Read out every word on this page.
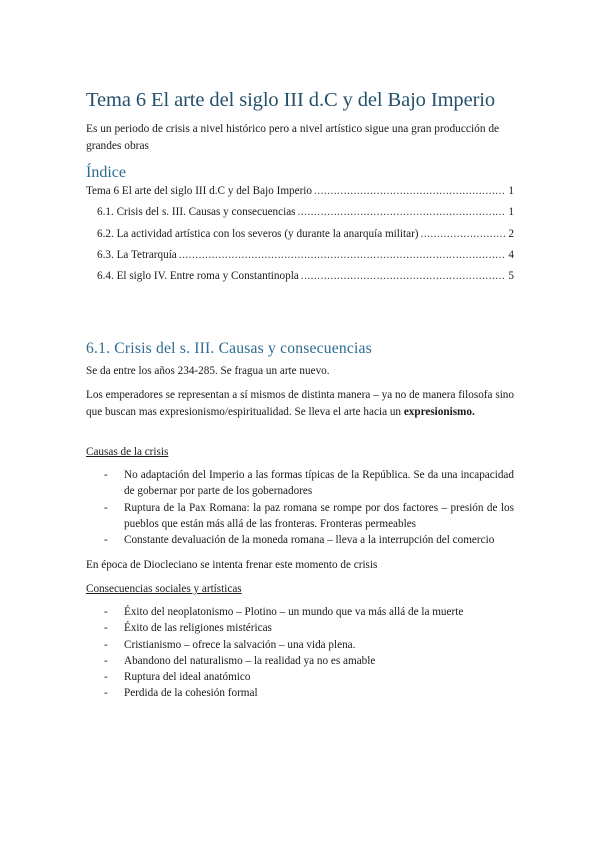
Tema 6 El arte del siglo III d.C y del Bajo Imperio
Es un periodo de crisis a nivel histórico pero a nivel artístico sigue una gran producción de grandes obras
Índice
Tema 6 El arte del siglo III d.C y del Bajo Imperio .....	1
6.1. Crisis del s. III. Causas y consecuencias .....	1
6.2. La actividad artística con los severos (y durante la anarquía militar) .....	2
6.3. La Tetrarquía .....	4
6.4. El siglo IV. Entre roma y Constantinopla .....	5
6.1. Crisis del s. III. Causas y consecuencias
Se da entre los años 234-285. Se fragua un arte nuevo.
Los emperadores se representan a sí mismos de distinta manera – ya no de manera filosofa sino que buscan mas expresionismo/espiritualidad. Se lleva el arte hacia un expresionismo.
Causas de la crisis
-	No adaptación del Imperio a las formas típicas de la República. Se da una incapacidad de gobernar por parte de los gobernadores
-	Ruptura de la Pax Romana: la paz romana se rompe por dos factores – presión de los pueblos que están más allá de las fronteras. Fronteras permeables
-	Constante devaluación de la moneda romana – lleva a la interrupción del comercio
En época de Diocleciano se intenta frenar este momento de crisis
Consecuencias sociales y artísticas
-	Éxito del neoplatonismo – Plotino – un mundo que va más allá de la muerte
-	Éxito de las religiones mistéricas
-	Cristianismo – ofrece la salvación – una vida plena.
-	Abandono del naturalismo – la realidad ya no es amable
-	Ruptura del ideal anatómico
-	Perdida de la cohesión formal
